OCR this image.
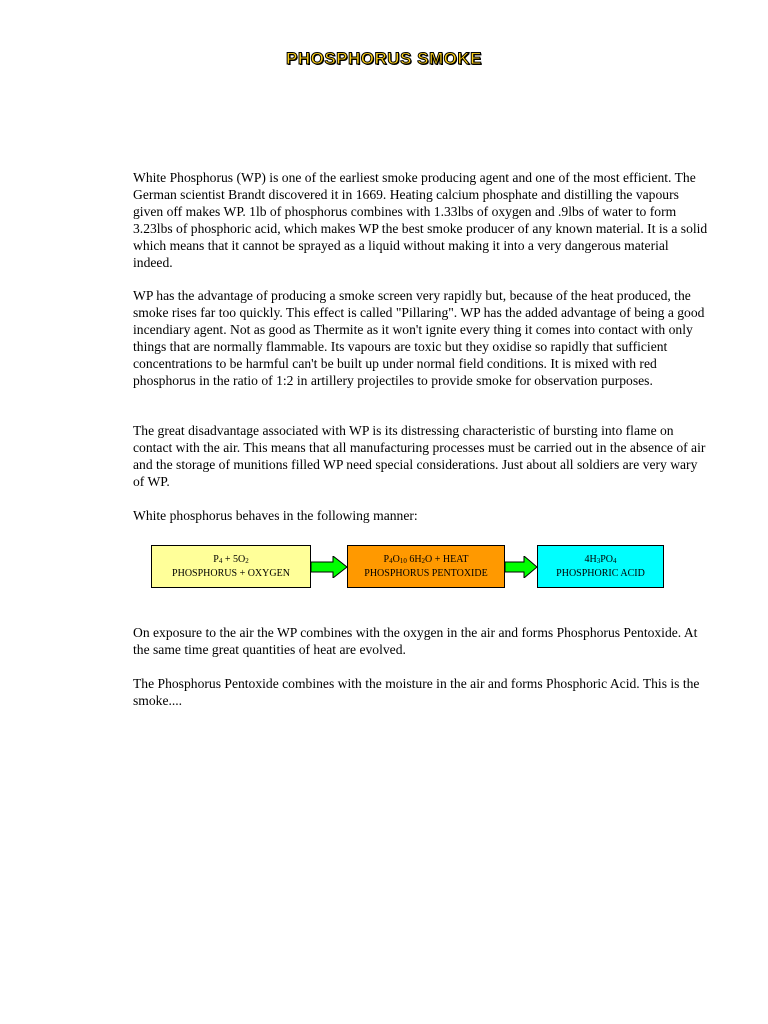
PHOSPHORUS SMOKE

White Phosphorus (WP) is one of the earliest smoke producing agent and one of the most efficient. The German scientist Brandt discovered it in 1669. Heating calcium phosphate and distilling the vapours given off makes WP. 1lb of phosphorus combines with 1.33lbs of oxygen and .9lbs of water to form 3.23lbs of phosphoric acid, which makes WP the best smoke producer of any known material. It is a solid which means that it cannot be sprayed as a liquid without making it into a very dangerous material indeed.

WP has the advantage of producing a smoke screen very rapidly but, because of the heat produced, the smoke rises far too quickly. This effect is called "Pillaring". WP has the added advantage of being a good incendiary agent. Not as good as Thermite as it won't ignite every thing it comes into contact with only things that are normally flammable. Its vapours are toxic but they oxidise so rapidly that sufficient concentrations to be harmful can't be built up under normal field conditions. It is mixed with red phosphorus in the ratio of 1:2 in artillery projectiles to provide smoke for observation purposes.

The great disadvantage associated with WP is its distressing characteristic of bursting into flame on contact with the air. This means that all manufacturing processes must be carried out in the absence of air and the storage of munitions filled WP need special considerations. Just about all soldiers are very wary of WP.

White phosphorus behaves in the following manner:

$P_4 + 5O_2$
PHOSPHORUS + OXYGEN
$P_4O_{10}$ $6H_2O$ + HEAT
PHOSPHORUS PENTOXIDE
$4H_3PO_4$
PHOSPHORIC ACID

On exposure to the air the WP combines with the oxygen in the air and forms Phosphorus Pentoxide. At the same time great quantities of heat are evolved.

The Phosphorus Pentoxide combines with the moisture in the air and forms Phosphoric Acid. This is the smoke....
